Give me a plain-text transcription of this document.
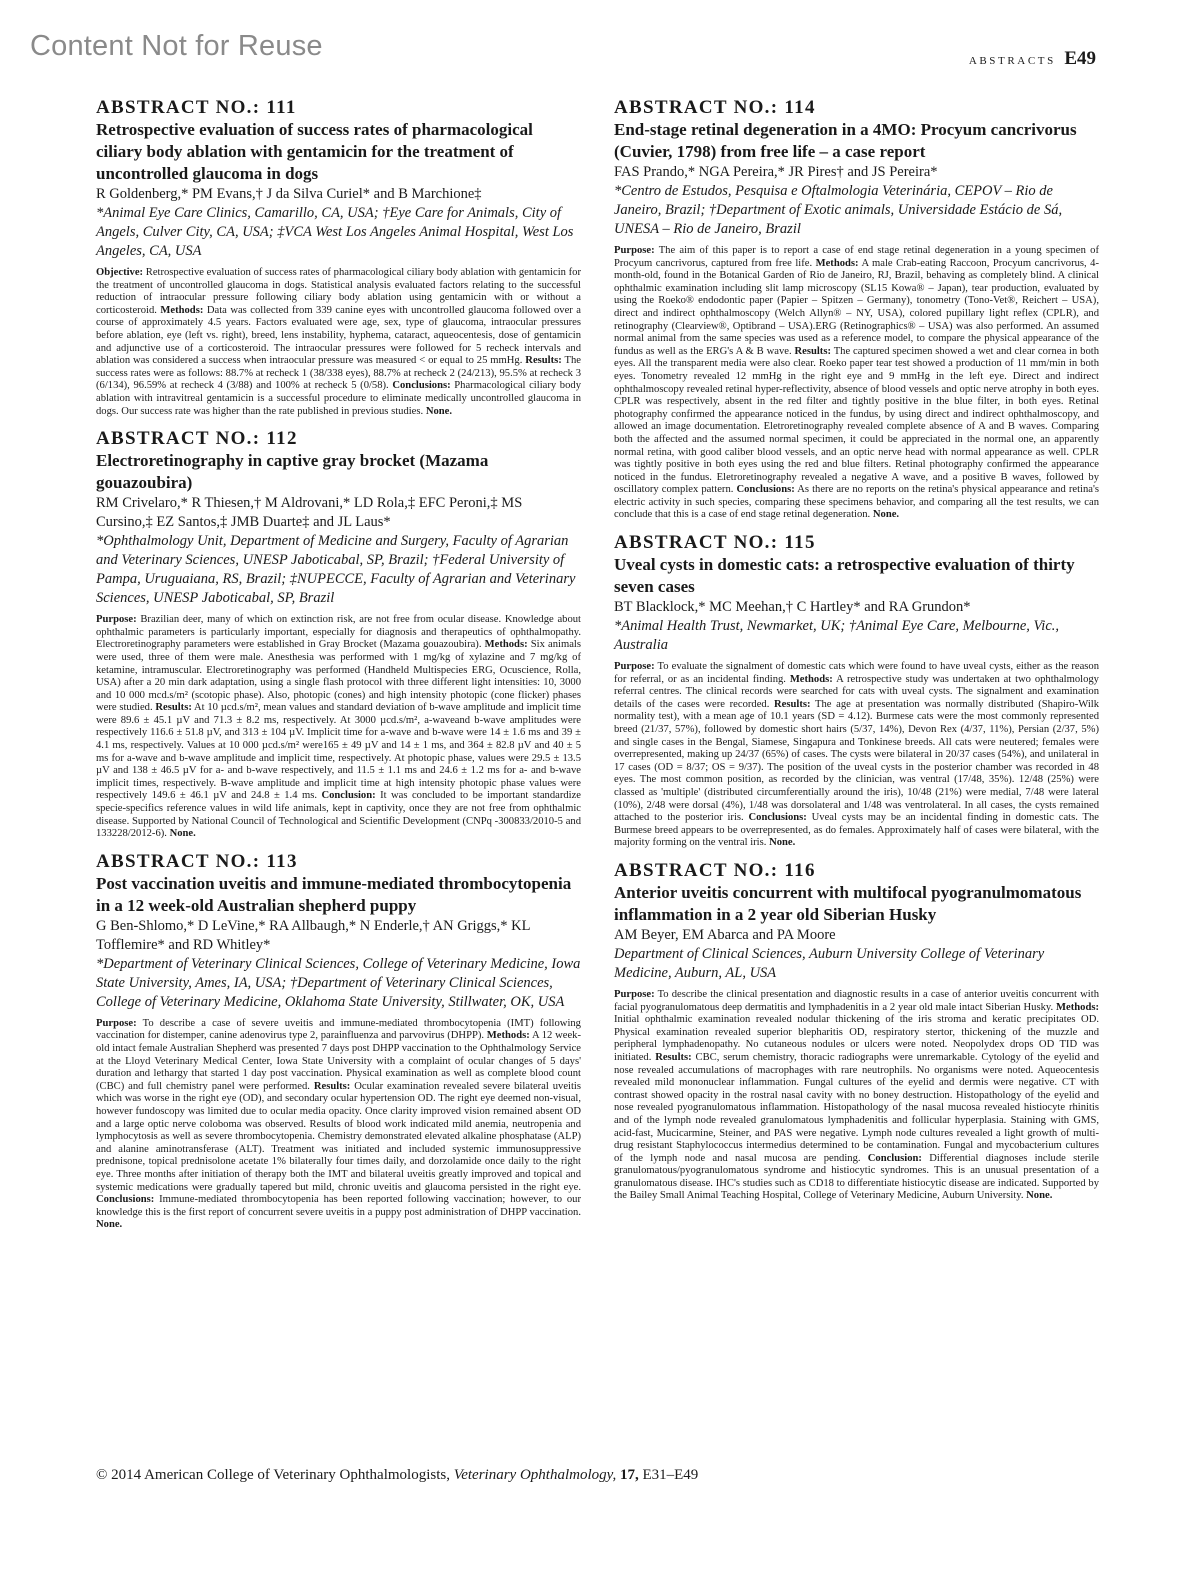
Content Not for Reuse	ABSTRACTS E49

ABSTRACT NO.: 111

Retrospective evaluation of success rates of pharmacological ciliary body ablation with gentamicin for the treatment of uncontrolled glaucoma in dogs

R Goldenberg,* PM Evans,† J da Silva Curiel* and B Marchione‡

*Animal Eye Care Clinics, Camarillo, CA, USA; †Eye Care for Animals, City of Angels, Culver City, CA, USA; ‡VCA West Los Angeles Animal Hospital, West Los Angeles, CA, USA

Objective: Retrospective evaluation of success rates of pharmacological ciliary body ablation with gentamicin for the treatment of uncontrolled glaucoma in dogs. Statistical analysis evaluated factors relating to the successful reduction of intraocular pressure following ciliary body ablation using gentamicin with or without a corticosteroid. Methods: Data was collected from 339 canine eyes with uncontrolled glaucoma followed over a course of approximately 4.5 years. Factors evaluated were age, sex, type of glaucoma, intraocular pressures before ablation, eye (left vs. right), breed, lens instability, hyphema, cataract, aqueocentesis, dose of gentamicin and adjunctive use of a corticosteroid. The intraocular pressures were followed for 5 recheck intervals and ablation was considered a success when intraocular pressure was measured < or equal to 25 mmHg. Results: The success rates were as follows: 88.7% at recheck 1 (38/338 eyes), 88.7% at recheck 2 (24/213), 95.5% at recheck 3 (6/134), 96.59% at recheck 4 (3/88) and 100% at recheck 5 (0/58). Conclusions: Pharmacological ciliary body ablation with intravitreal gentamicin is a successful procedure to eliminate medically uncontrolled glaucoma in dogs. Our success rate was higher than the rate published in previous studies. None.

ABSTRACT NO.: 112

Electroretinography in captive gray brocket (Mazama gouazoubira)

RM Crivelaro,* R Thiesen,† M Aldrovani,* LD Rola,‡ EFC Peroni,‡ MS Cursino,‡ EZ Santos,‡ JMB Duarte‡ and JL Laus*

*Ophthalmology Unit, Department of Medicine and Surgery, Faculty of Agrarian and Veterinary Sciences, UNESP Jaboticabal, SP, Brazil; †Federal University of Pampa, Uruguaiana, RS, Brazil; ‡NUPECCE, Faculty of Agrarian and Veterinary Sciences, UNESP Jaboticabal, SP, Brazil

Purpose: Brazilian deer, many of which on extinction risk, are not free from ocular disease. Knowledge about ophthalmic parameters is particularly important, especially for diagnosis and therapeutics of ophthalmopathy. Electroretinography parameters were established in Gray Brocket (Mazama gouazoubira). Methods: Six animals were used, three of them were male. Anesthesia was performed with 1 mg/kg of xylazine and 7 mg/kg of ketamine, intramuscular. Electroretinography was performed (Handheld Multispecies ERG, Ocuscience, Rolla, USA) after a 20 min dark adaptation, using a single flash protocol with three different light intensities: 10, 3000 and 10 000 mcd.s/m² (scotopic phase). Also, photopic (cones) and high intensity photopic (cone flicker) phases were studied. Results: At 10 µcd.s/m², mean values and standard deviation of b-wave amplitude and implicit time were 89.6 ± 45.1 µV and 71.3 ± 8.2 ms, respectively. At 3000 µcd.s/m², a-waveand b-wave amplitudes were respectively 116.6 ± 51.8 µV, and 313 ± 104 µV. Implicit time for a-wave and b-wave were 14 ± 1.6 ms and 39 ± 4.1 ms, respectively. Values at 10 000 µcd.s/m² were165 ± 49 µV and 14 ± 1 ms, and 364 ± 82.8 µV and 40 ± 5 ms for a-wave and b-wave amplitude and implicit time, respectively. At photopic phase, values were 29.5 ± 13.5 µV and 138 ± 46.5 µV for a- and b-wave respectively, and 11.5 ± 1.1 ms and 24.6 ± 1.2 ms for a- and b-wave implicit times, respectively. B-wave amplitude and implicit time at high intensity photopic phase values were respectively 149.6 ± 46.1 µV and 24.8 ± 1.4 ms. Conclusion: It was concluded to be important standardize specie-specifics reference values in wild life animals, kept in captivity, once they are not free from ophthalmic disease. Supported by National Council of Technological and Scientific Development (CNPq -300833/2010-5 and 133228/2012-6). None.

ABSTRACT NO.: 113

Post vaccination uveitis and immune-mediated thrombocytopenia in a 12 week-old Australian shepherd puppy

G Ben-Shlomo,* D LeVine,* RA Allbaugh,* N Enderle,† AN Griggs,* KL Tofflemire* and RD Whitley*

*Department of Veterinary Clinical Sciences, College of Veterinary Medicine, Iowa State University, Ames, IA, USA; †Department of Veterinary Clinical Sciences, College of Veterinary Medicine, Oklahoma State University, Stillwater, OK, USA

Purpose: To describe a case of severe uveitis and immune-mediated thrombocytopenia (IMT) following vaccination for distemper, canine adenovirus type 2, parainfluenza and parvovirus (DHPP). Methods: A 12 week-old intact female Australian Shepherd was presented 7 days post DHPP vaccination to the Ophthalmology Service at the Lloyd Veterinary Medical Center, Iowa State University with a complaint of ocular changes of 5 days' duration and lethargy that started 1 day post vaccination. Physical examination as well as complete blood count (CBC) and full chemistry panel were performed. Results: Ocular examination revealed severe bilateral uveitis which was worse in the right eye (OD), and secondary ocular hypertension OD. The right eye deemed non-visual, however fundoscopy was limited due to ocular media opacity. Once clarity improved vision remained absent OD and a large optic nerve coloboma was observed. Results of blood work indicated mild anemia, neutropenia and lymphocytosis as well as severe thrombocytopenia. Chemistry demonstrated elevated alkaline phosphatase (ALP) and alanine aminotransferase (ALT). Treatment was initiated and included systemic immunosuppressive prednisone, topical prednisolone acetate 1% bilaterally four times daily, and dorzolamide once daily to the right eye. Three months after initiation of therapy both the IMT and bilateral uveitis greatly improved and topical and systemic medications were gradually tapered but mild, chronic uveitis and glaucoma persisted in the right eye. Conclusions: Immune-mediated thrombocytopenia has been reported following vaccination; however, to our knowledge this is the first report of concurrent severe uveitis in a puppy post administration of DHPP vaccination. None.

ABSTRACT NO.: 114

End-stage retinal degeneration in a 4MO: Procyum cancrivorus (Cuvier, 1798) from free life – a case report

FAS Prando,* NGA Pereira,* JR Pires† and JS Pereira*

*Centro de Estudos, Pesquisa e Oftalmologia Veterinária, CEPOV – Rio de Janeiro, Brazil; †Department of Exotic animals, Universidade Estácio de Sá, UNESA – Rio de Janeiro, Brazil

Purpose: The aim of this paper is to report a case of end stage retinal degeneration in a young specimen of Procyum cancrivorus, captured from free life. Methods: A male Crab-eating Raccoon, Procyum cancrivorus, 4-month-old, found in the Botanical Garden of Rio de Janeiro, RJ, Brazil, behaving as completely blind. A clinical ophthalmic examination including slit lamp microscopy (SL15 Kowa® – Japan), tear production, evaluated by using the Roeko® endodontic paper (Papier – Spitzen – Germany), tonometry (Tono-Vet®, Reichert – USA), direct and indirect ophthalmoscopy (Welch Allyn® – NY, USA), colored pupillary light reflex (CPLR), and retinography (Clearview®, Optibrand – USA).ERG (Retinographics® – USA) was also performed. An assumed normal animal from the same species was used as a reference model, to compare the physical appearance of the fundus as well as the ERG's A & B wave. Results: The captured specimen showed a wet and clear cornea in both eyes. All the transparent media were also clear. Roeko paper tear test showed a production of 11 mm/min in both eyes. Tonometry revealed 12 mmHg in the right eye and 9 mmHg in the left eye. Direct and indirect ophthalmoscopy revealed retinal hyper-reflectivity, absence of blood vessels and optic nerve atrophy in both eyes. CPLR was respectively, absent in the red filter and tightly positive in the blue filter, in both eyes. Retinal photography confirmed the appearance noticed in the fundus, by using direct and indirect ophthalmoscopy, and allowed an image documentation. Eletroretinography revealed complete absence of A and B waves. Comparing both the affected and the assumed normal specimen, it could be appreciated in the normal one, an apparently normal retina, with good caliber blood vessels, and an optic nerve head with normal appearance as well. CPLR was tightly positive in both eyes using the red and blue filters. Retinal photography confirmed the appearance noticed in the fundus. Eletroretinography revealed a negative A wave, and a positive B waves, followed by oscillatory complex pattern. Conclusions: As there are no reports on the retina's physical appearance and retina's electric activity in such species, comparing these specimens behavior, and comparing all the test results, we can conclude that this is a case of end stage retinal degeneration. None.

ABSTRACT NO.: 115

Uveal cysts in domestic cats: a retrospective evaluation of thirty seven cases

BT Blacklock,* MC Meehan,† C Hartley* and RA Grundon*

*Animal Health Trust, Newmarket, UK; †Animal Eye Care, Melbourne, Vic., Australia

Purpose: To evaluate the signalment of domestic cats which were found to have uveal cysts, either as the reason for referral, or as an incidental finding. Methods: A retrospective study was undertaken at two ophthalmology referral centres. The clinical records were searched for cats with uveal cysts. The signalment and examination details of the cases were recorded. Results: The age at presentation was normally distributed (Shapiro-Wilk normality test), with a mean age of 10.1 years (SD = 4.12). Burmese cats were the most commonly represented breed (21/37, 57%), followed by domestic short hairs (5/37, 14%), Devon Rex (4/37, 11%), Persian (2/37, 5%) and single cases in the Bengal, Siamese, Singapura and Tonkinese breeds. All cats were neutered; females were overrepresented, making up 24/37 (65%) of cases. The cysts were bilateral in 20/37 cases (54%), and unilateral in 17 cases (OD = 8/37; OS = 9/37). The position of the uveal cysts in the posterior chamber was recorded in 48 eyes. The most common position, as recorded by the clinician, was ventral (17/48, 35%). 12/48 (25%) were classed as 'multiple' (distributed circumferentially around the iris), 10/48 (21%) were medial, 7/48 were lateral (10%), 2/48 were dorsal (4%), 1/48 was dorsolateral and 1/48 was ventrolateral. In all cases, the cysts remained attached to the posterior iris. Conclusions: Uveal cysts may be an incidental finding in domestic cats. The Burmese breed appears to be overrepresented, as do females. Approximately half of cases were bilateral, with the majority forming on the ventral iris. None.

ABSTRACT NO.: 116

Anterior uveitis concurrent with multifocal pyogranulmomatous inflammation in a 2 year old Siberian Husky

AM Beyer, EM Abarca and PA Moore

Department of Clinical Sciences, Auburn University College of Veterinary Medicine, Auburn, AL, USA

Purpose: To describe the clinical presentation and diagnostic results in a case of anterior uveitis concurrent with facial pyogranulomatous deep dermatitis and lymphadenitis in a 2 year old male intact Siberian Husky. Methods: Initial ophthalmic examination revealed nodular thickening of the iris stroma and keratic precipitates OD. Physical examination revealed superior blepharitis OD, respiratory stertor, thickening of the muzzle and peripheral lymphadenopathy. No cutaneous nodules or ulcers were noted. Neopolydex drops OD TID was initiated. Results: CBC, serum chemistry, thoracic radiographs were unremarkable. Cytology of the eyelid and nose revealed accumulations of macrophages with rare neutrophils. No organisms were noted. Aqueocentesis revealed mild mononuclear inflammation. Fungal cultures of the eyelid and dermis were negative. CT with contrast showed opacity in the rostral nasal cavity with no boney destruction. Histopathology of the eyelid and nose revealed pyogranulomatous inflammation. Histopathology of the nasal mucosa revealed histiocyte rhinitis and of the lymph node revealed granulomatous lymphadenitis and follicular hyperplasia. Staining with GMS, acid-fast, Mucicarmine, Steiner, and PAS were negative. Lymph node cultures revealed a light growth of multi-drug resistant Staphylococcus intermedius determined to be contamination. Fungal and mycobacterium cultures of the lymph node and nasal mucosa are pending. Conclusion: Differential diagnoses include sterile granulomatous/pyogranulomatous syndrome and histiocytic syndromes. This is an unusual presentation of a granulomatous disease. IHC's studies such as CD18 to differentiate histiocytic disease are indicated. Supported by the Bailey Small Animal Teaching Hospital, College of Veterinary Medicine, Auburn University. None.

© 2014 American College of Veterinary Ophthalmologists, Veterinary Ophthalmology, 17, E31–E49
